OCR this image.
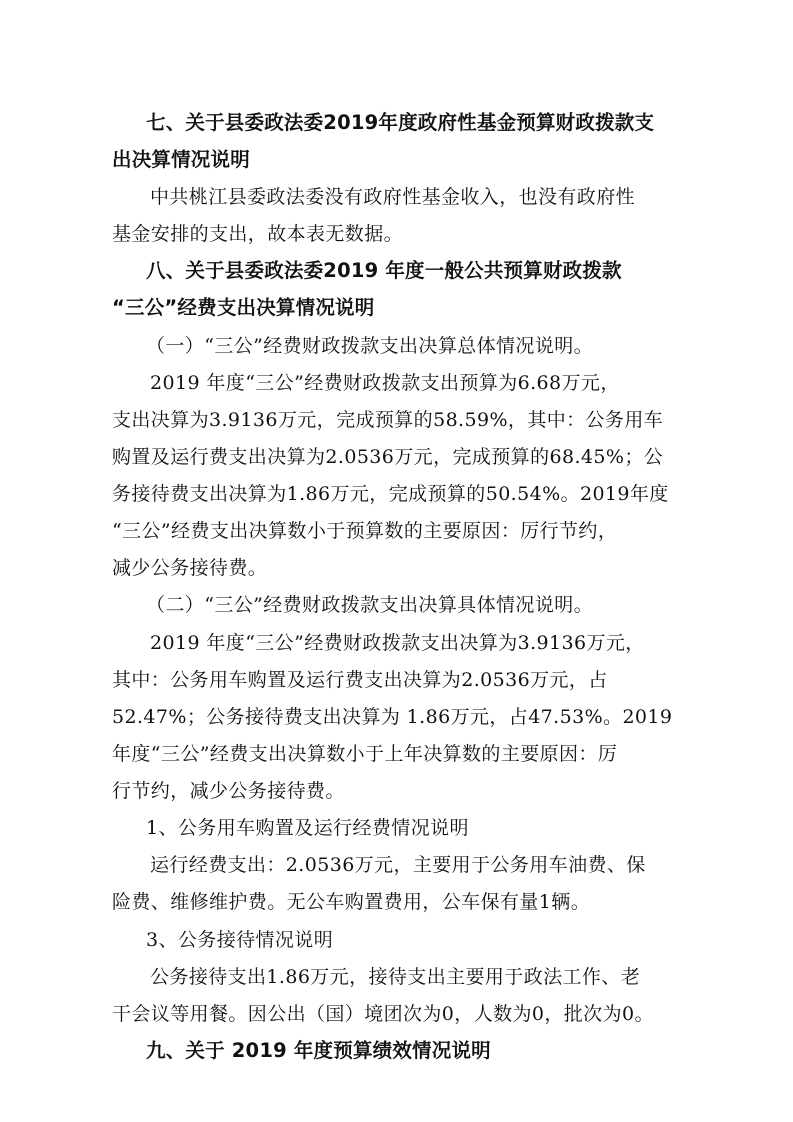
七、关于县委政法委2019年度政府性基金预算财政拨款支
出决算情况说明
中共桃江县委政法委没有政府性基金收入，也没有政府性
基金安排的支出，故本表无数据。
八、关于县委政法委2019 年度一般公共预算财政拨款
“三公”经费支出决算情况说明
（一）“三公”经费财政拨款支出决算总体情况说明。
2019 年度“三公”经费财政拨款支出预算为6.68万元，
支出决算为3.9136万元，完成预算的58.59%，其中：公务用车
购置及运行费支出决算为2.0536万元，完成预算的68.45%；公
务接待费支出决算为1.86万元，完成预算的50.54%。2019年度
“三公”经费支出决算数小于预算数的主要原因：厉行节约，
减少公务接待费。
（二）“三公”经费财政拨款支出决算具体情况说明。
2019 年度“三公”经费财政拨款支出决算为3.9136万元，
其中：公务用车购置及运行费支出决算为2.0536万元，占
52.47%；公务接待费支出决算为 1.86万元，占47.53%。2019
年度“三公”经费支出决算数小于上年决算数的主要原因：厉
行节约，减少公务接待费。
1、公务用车购置及运行经费情况说明
运行经费支出：2.0536万元，主要用于公务用车油费、保
险费、维修维护费。无公车购置费用，公车保有量1辆。
3、公务接待情况说明
公务接待支出1.86万元，接待支出主要用于政法工作、老
干会议等用餐。因公出（国）境团次为0，人数为0，批次为0。
九、关于 2019 年度预算绩效情况说明
